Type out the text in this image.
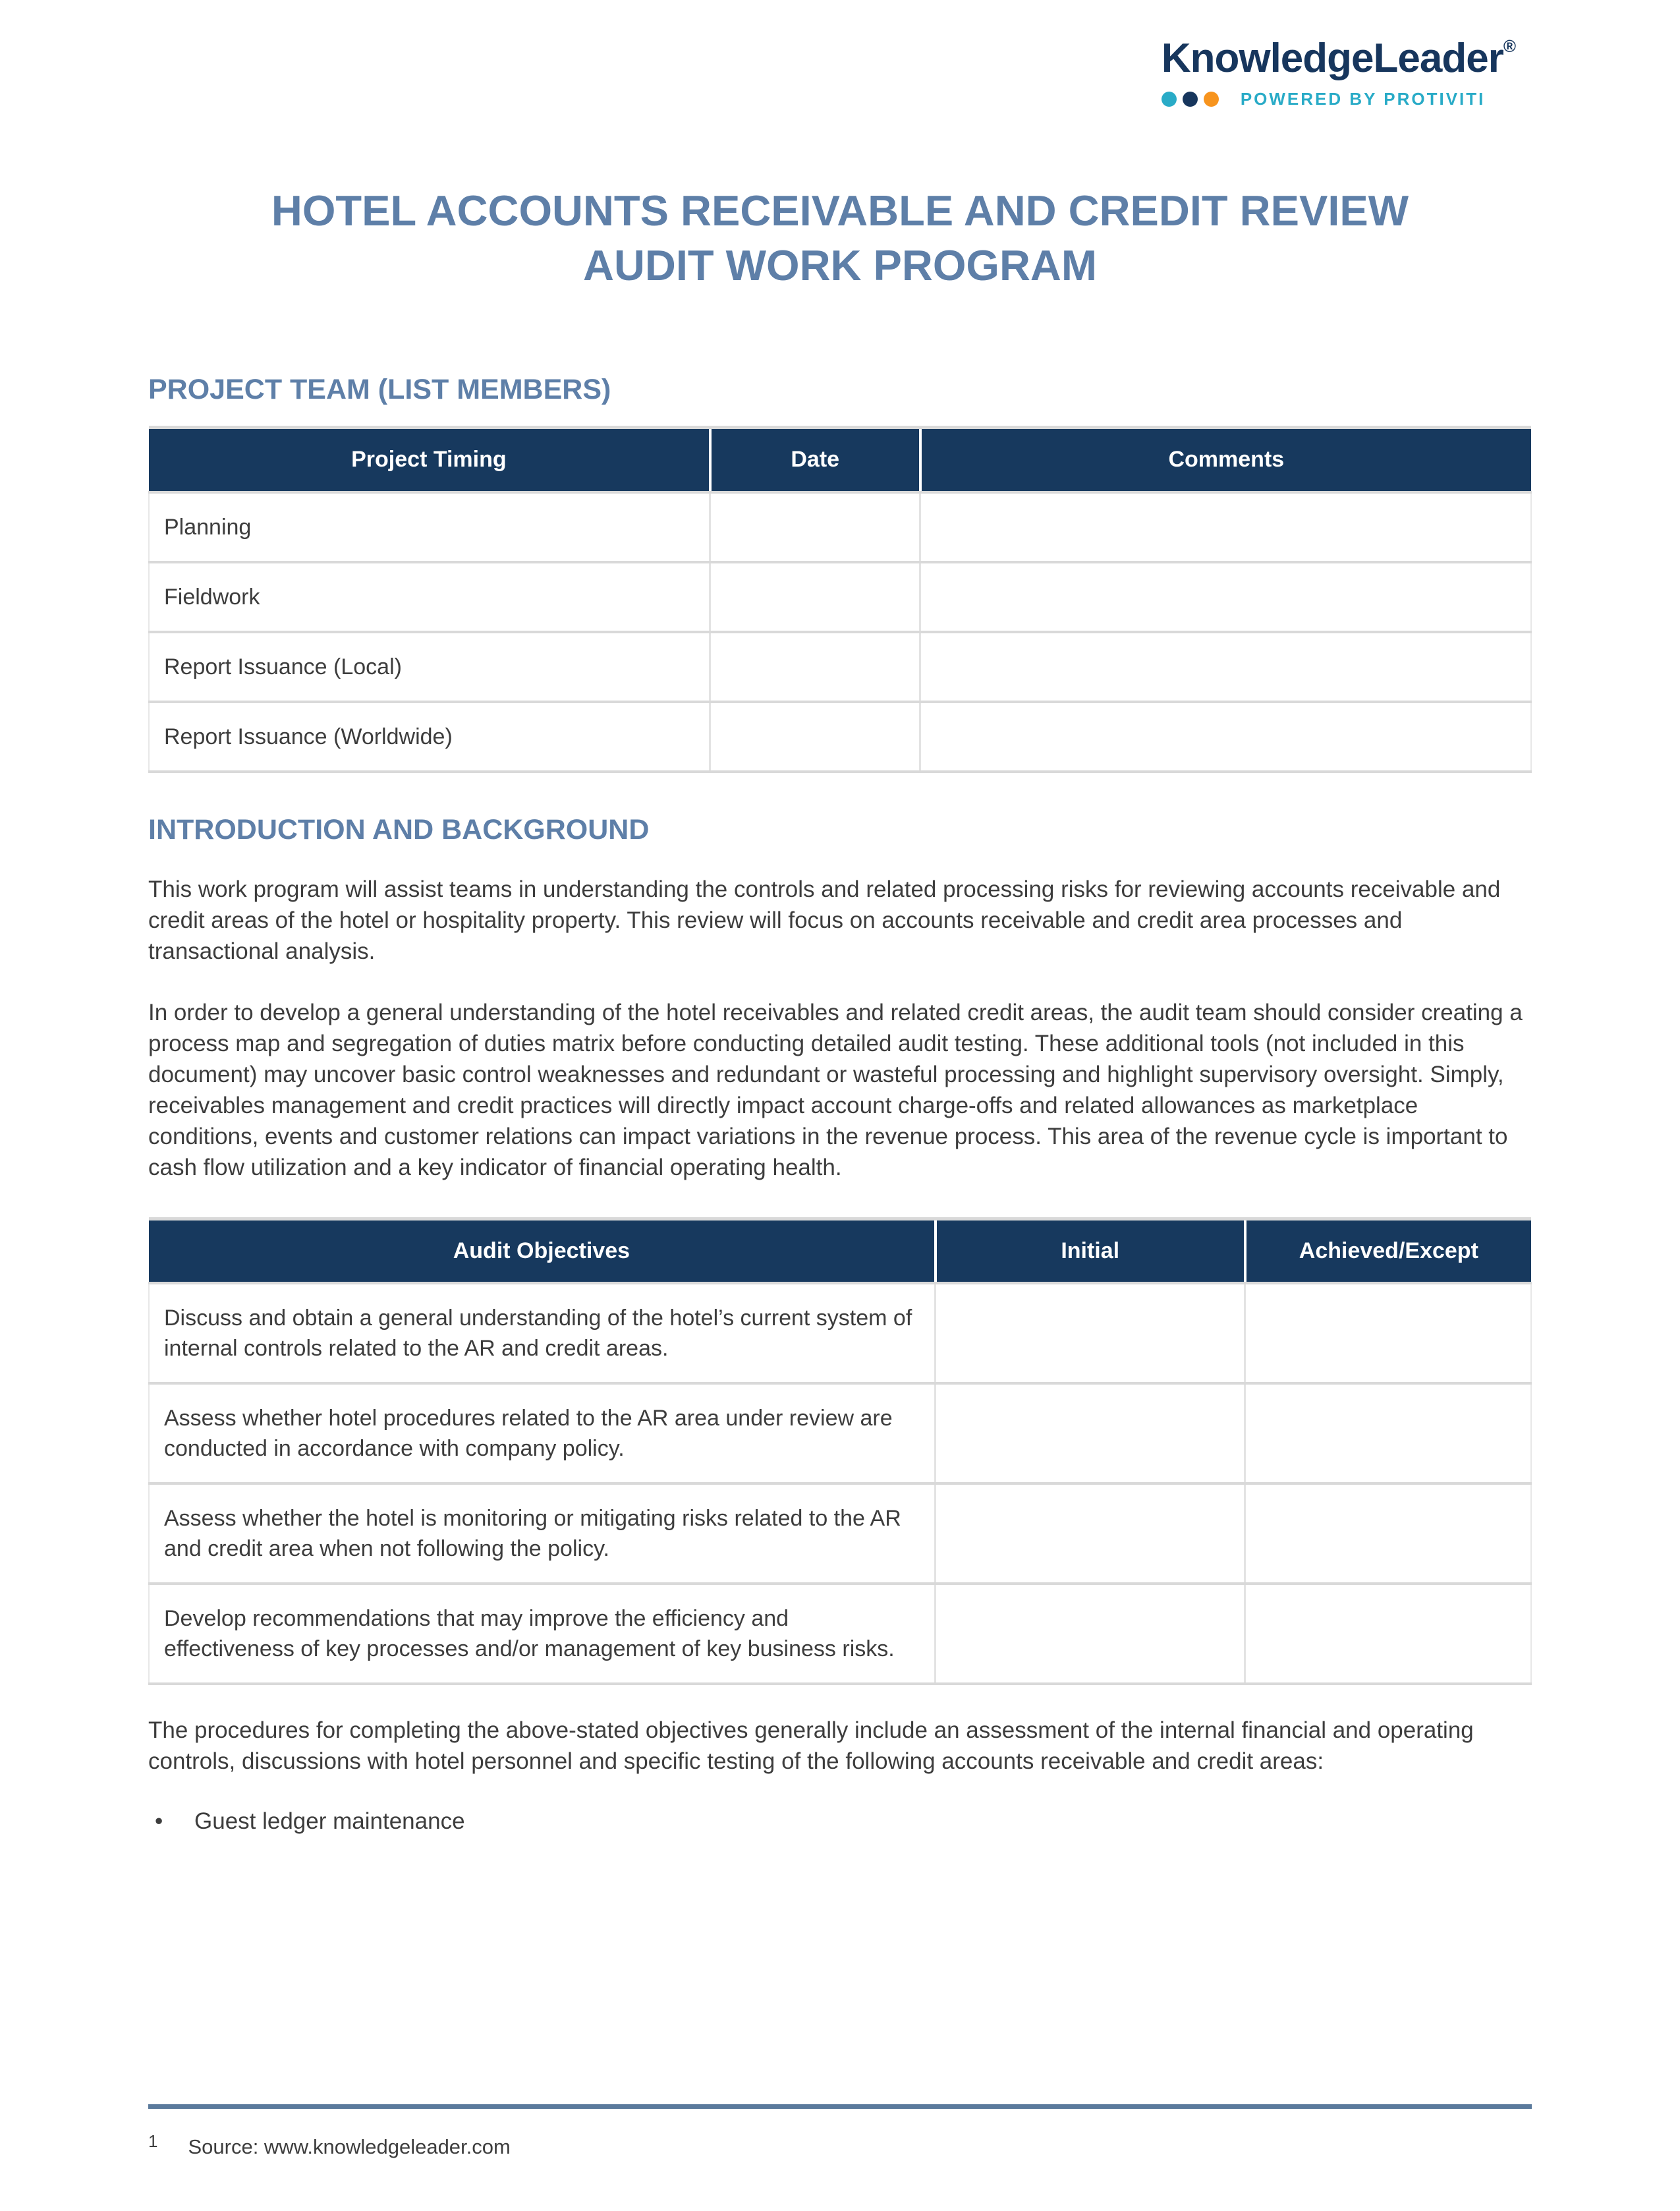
KnowledgeLeader®
POWERED BY PROTIVITI
HOTEL ACCOUNTS RECEIVABLE AND CREDIT REVIEW
AUDIT WORK PROGRAM
PROJECT TEAM (LIST MEMBERS)
Project Timing	Date	Comments
Planning		
Fieldwork		
Report Issuance (Local)		
Report Issuance (Worldwide)		
INTRODUCTION AND BACKGROUND

This work program will assist teams in understanding the controls and related processing risks for reviewing accounts receivable and credit areas of the hotel or hospitality property. This review will focus on accounts receivable and credit area processes and transactional analysis.

In order to develop a general understanding of the hotel receivables and related credit areas, the audit team should consider creating a process map and segregation of duties matrix before conducting detailed audit testing. These additional tools (not included in this document) may uncover basic control weaknesses and redundant or wasteful processing and highlight supervisory oversight. Simply, receivables management and credit practices will directly impact account charge-offs and related allowances as marketplace conditions, events and customer relations can impact variations in the revenue process. This area of the revenue cycle is important to cash flow utilization and a key indicator of financial operating health.

Audit Objectives	Initial	Achieved/Except
Discuss and obtain a general understanding of the hotel’s current system of internal controls related to the AR and credit areas.		
Assess whether hotel procedures related to the AR area under review are conducted in accordance with company policy.		
Assess whether the hotel is monitoring or mitigating risks related to the AR and credit area when not following the policy.		
Develop recommendations that may improve the efficiency and effectiveness of key processes and/or management of key business risks.		

The procedures for completing the above-stated objectives generally include an assessment of the internal financial and operating controls, discussions with hotel personnel and specific testing of the following accounts receivable and credit areas:

• Guest ledger maintenance
$^1$ Source: www.knowledgeleader.com
